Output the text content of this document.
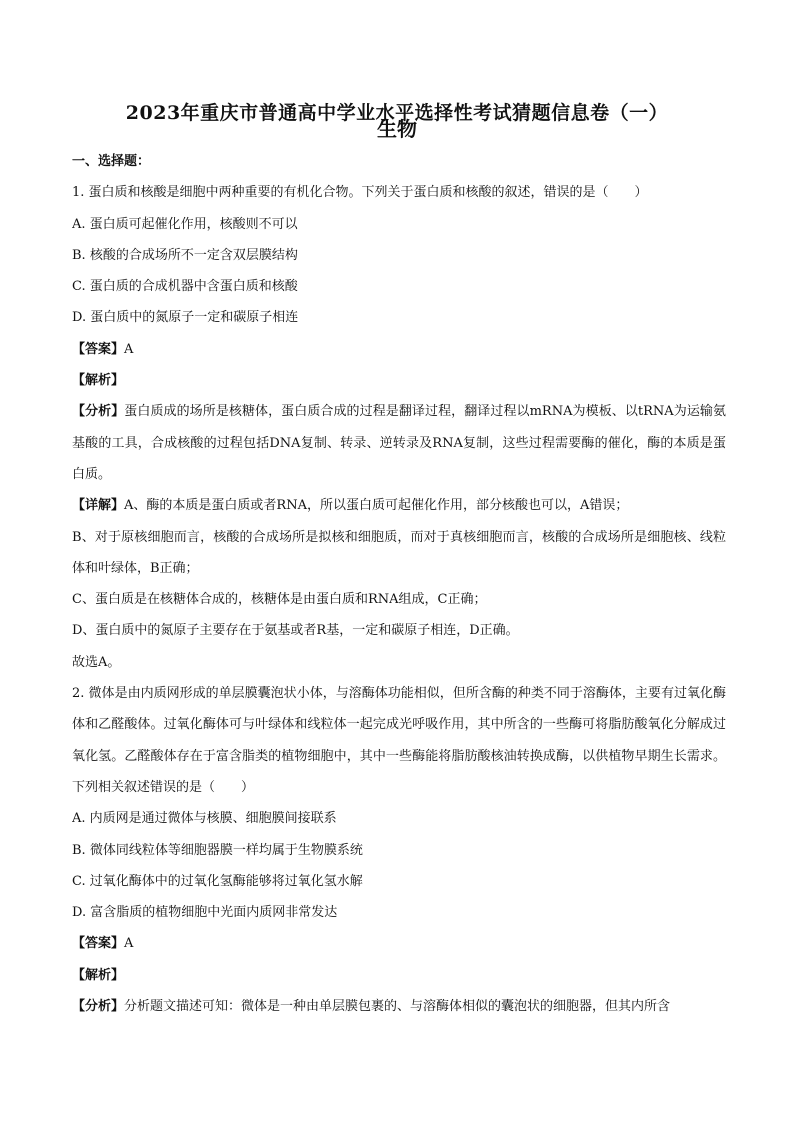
2023年重庆市普通高中学业水平选择性考试猜题信息卷（一）
生物
一、选择题：
1. 蛋白质和核酸是细胞中两种重要的有机化合物。下列关于蛋白质和核酸的叙述，错误的是（　　）
A. 蛋白质可起催化作用，核酸则不可以
B. 核酸的合成场所不一定含双层膜结构
C. 蛋白质的合成机器中含蛋白质和核酸
D. 蛋白质中的氮原子一定和碳原子相连
【答案】A
【解析】
【分析】蛋白质成的场所是核糖体，蛋白质合成的过程是翻译过程，翻译过程以mRNA为模板、以tRNA为运输氨基酸的工具，合成核酸的过程包括DNA复制、转录、逆转录及RNA复制，这些过程需要酶的催化，酶的本质是蛋白质。
【详解】A、酶的本质是蛋白质或者RNA，所以蛋白质可起催化作用，部分核酸也可以，A错误；
B、对于原核细胞而言，核酸的合成场所是拟核和细胞质，而对于真核细胞而言，核酸的合成场所是细胞核、线粒体和叶绿体，B正确；
C、蛋白质是在核糖体合成的，核糖体是由蛋白质和RNA组成，C正确；
D、蛋白质中的氮原子主要存在于氨基或者R基，一定和碳原子相连，D正确。
故选A。
2. 微体是由内质网形成的单层膜囊泡状小体，与溶酶体功能相似，但所含酶的种类不同于溶酶体，主要有过氧化酶体和乙醛酸体。过氧化酶体可与叶绿体和线粒体一起完成光呼吸作用，其中所含的一些酶可将脂肪酸氧化分解成过氧化氢。乙醛酸体存在于富含脂类的植物细胞中，其中一些酶能将脂肪酸核油转换成酶，以供植物早期生长需求。下列相关叙述错误的是（　　）
A. 内质网是通过微体与核膜、细胞膜间接联系
B. 微体同线粒体等细胞器膜一样均属于生物膜系统
C. 过氧化酶体中的过氧化氢酶能够将过氧化氢水解
D. 富含脂质的植物细胞中光面内质网非常发达
【答案】A
【解析】
【分析】分析题文描述可知：微体是一种由单层膜包裹的、与溶酶体相似的囊泡状的细胞器，但其内所含
